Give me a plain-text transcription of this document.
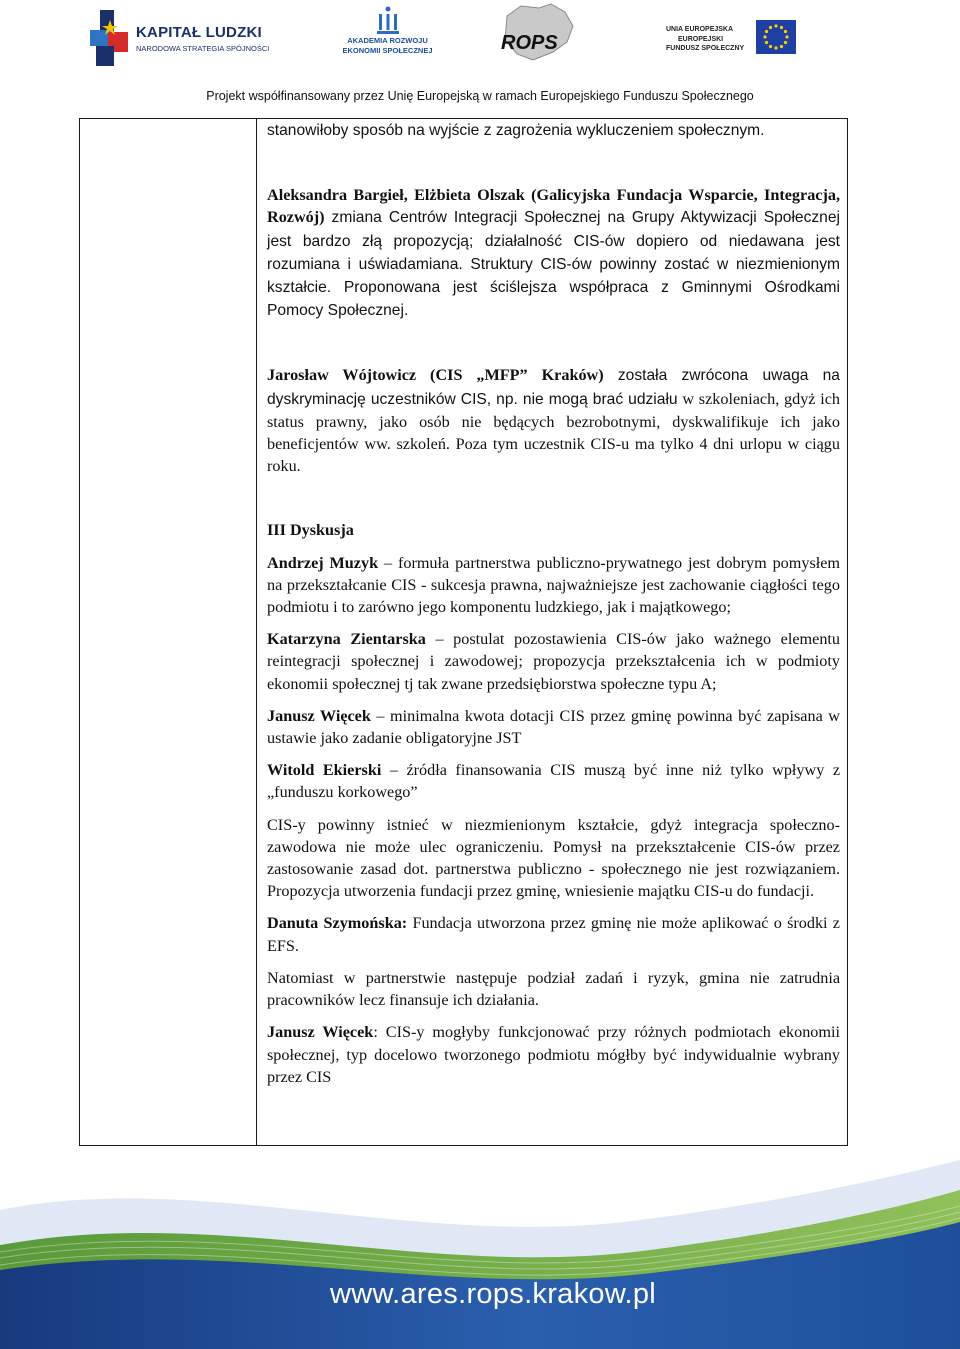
KAPITAŁ LUDZKI
NARODOWA STRATEGIA SPÓJNOŚCI
AKADEMIA ROZWOJU
EKONOMII SPOŁECZNEJ	ROPS
UNIA EUROPEJSKA
EUROPEJSKI
FUNDUSZ SPOŁECZNY
Projekt współfinansowany przez Unię Europejską w ramach Europejskiego Funduszu Społecznego

stanowiłoby sposób na wyjście z zagrożenia wykluczeniem społecznym.

Aleksandra Bargieł, Elżbieta Olszak (Galicyjska Fundacja Wsparcie, Integracja, Rozwój) zmiana Centrów Integracji Społecznej na Grupy Aktywizacji Społecznej jest bardzo złą propozycją; działalność CIS-ów dopiero od niedawana jest rozumiana i uświadamiana. Struktury CIS-ów powinny zostać w niezmienionym kształcie. Proponowana jest ściślejsza współpraca z Gminnymi Ośrodkami Pomocy Społecznej.

Jarosław Wójtowicz (CIS „MFP” Kraków) została zwrócona uwaga na dyskryminację uczestników CIS, np. nie mogą brać udziału w szkoleniach, gdyż ich status prawny, jako osób nie będących bezrobotnymi, dyskwalifikuje ich jako beneficjentów ww. szkoleń. Poza tym uczestnik CIS-u ma tylko 4 dni urlopu w ciągu roku.

III Dyskusja

Andrzej Muzyk – formuła partnerstwa publiczno-prywatnego jest dobrym pomysłem na przekształcanie CIS - sukcesja prawna, najważniejsze jest zachowanie ciągłości tego podmiotu i to zarówno jego komponentu ludzkiego, jak i majątkowego;

Katarzyna Zientarska – postulat pozostawienia CIS-ów jako ważnego elementu reintegracji społecznej i zawodowej; propozycja przekształcenia ich w podmioty ekonomii społecznej tj tak zwane przedsiębiorstwa społeczne typu A;

Janusz Więcek – minimalna kwota dotacji CIS przez gminę powinna być zapisana w ustawie jako zadanie obligatoryjne JST

Witold Ekierski – źródła finansowania CIS muszą być inne niż tylko wpływy z „funduszu korkowego”

CIS-y powinny istnieć w niezmienionym kształcie, gdyż integracja społeczno-zawodowa nie może ulec ograniczeniu. Pomysł na przekształcenie CIS-ów przez zastosowanie zasad dot. partnerstwa publiczno - społecznego nie jest rozwiązaniem. Propozycja utworzenia fundacji przez gminę, wniesienie majątku CIS-u do fundacji.

Danuta Szymońska: Fundacja utworzona przez gminę nie może aplikować o środki z EFS.

Natomiast w partnerstwie następuje podział zadań i ryzyk, gmina nie zatrudnia pracowników lecz finansuje ich działania.

Janusz Więcek: CIS-y mogłyby funkcjonować przy różnych podmiotach ekonomii społecznej, typ docelowo tworzonego podmiotu mógłby być indywidualnie wybrany przez CIS

www.ares.rops.krakow.pl
